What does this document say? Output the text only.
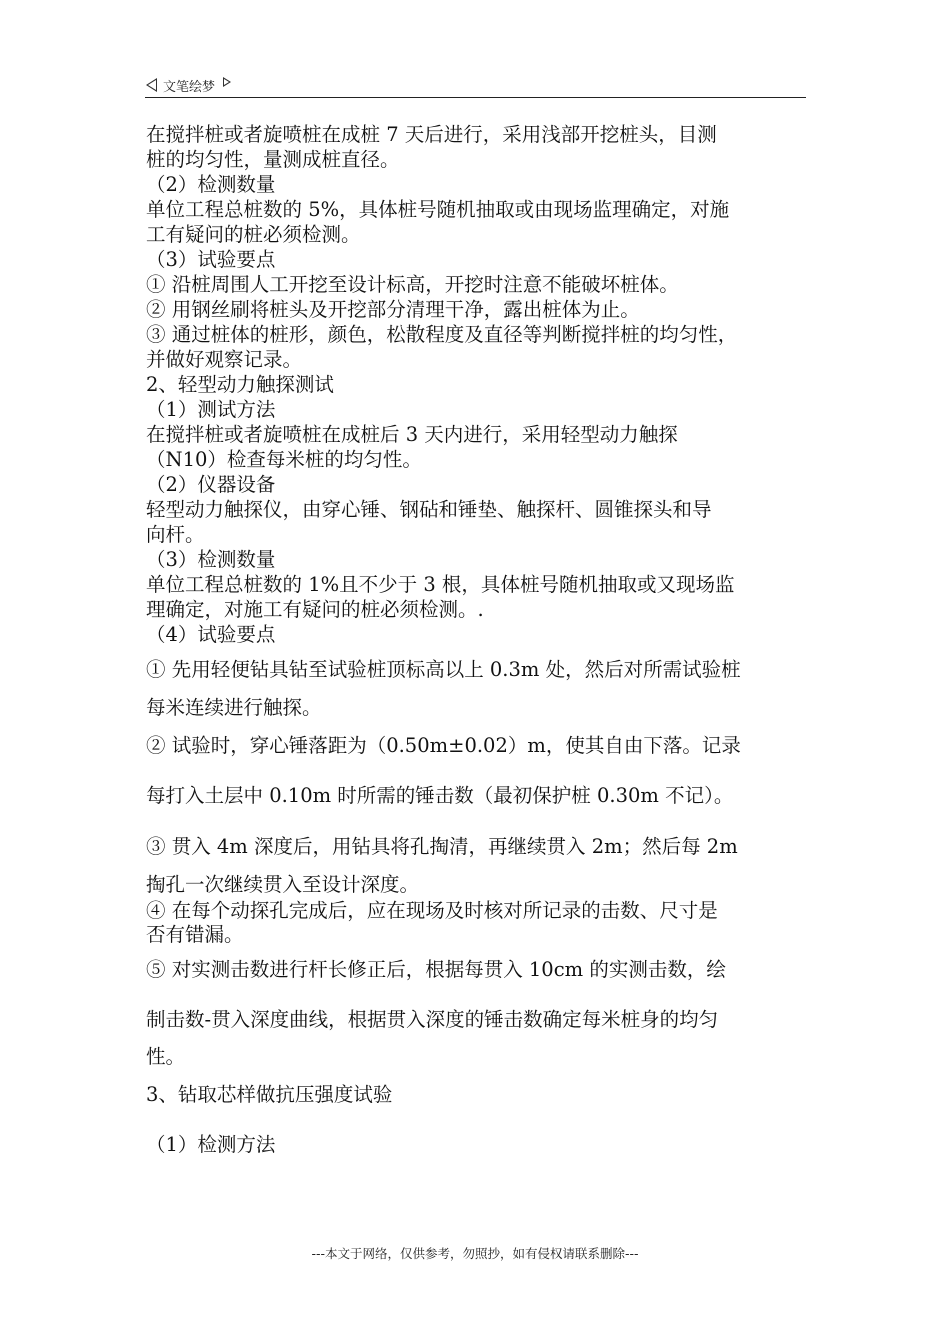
文笔绘梦
在搅拌桩或者旋喷桩在成桩 7 天后进行，采用浅部开挖桩头，目测
桩的均匀性，量测成桩直径。
（2）检测数量
单位工程总桩数的 5%，具体桩号随机抽取或由现场监理确定，对施
工有疑问的桩必须检测。
（3）试验要点
① 沿桩周围人工开挖至设计标高，开挖时注意不能破坏桩体。
② 用钢丝刷将桩头及开挖部分清理干净，露出桩体为止。
③ 通过桩体的桩形，颜色，松散程度及直径等判断搅拌桩的均匀性，
并做好观察记录。
2、轻型动力触探测试
（1）测试方法
在搅拌桩或者旋喷桩在成桩后 3 天内进行，采用轻型动力触探
（N10）检查每米桩的均匀性。
（2）仪器设备
轻型动力触探仪，由穿心锤、钢砧和锤垫、触探杆、圆锥探头和导
向杆。
（3）检测数量
单位工程总桩数的 1%且不少于 3 根，具体桩号随机抽取或又现场监
理确定，对施工有疑问的桩必须检测。.
（4）试验要点
① 先用轻便钻具钻至试验桩顶标高以上 0.3m 处，然后对所需试验桩
每米连续进行触探。
② 试验时，穿心锤落距为（0.50m±0.02）m，使其自由下落。记录
每打入土层中 0.10m 时所需的锤击数（最初保护桩 0.30m 不记）。
③ 贯入 4m 深度后，用钻具将孔掏清，再继续贯入 2m；然后每 2m
掏孔一次继续贯入至设计深度。
④ 在每个动探孔完成后，应在现场及时核对所记录的击数、尺寸是
否有错漏。
⑤ 对实测击数进行杆长修正后，根据每贯入 10cm 的实测击数，绘
制击数-贯入深度曲线，根据贯入深度的锤击数确定每米桩身的均匀
性。
3、钻取芯样做抗压强度试验
（1）检测方法
---本文于网络，仅供参考，勿照抄，如有侵权请联系删除---
